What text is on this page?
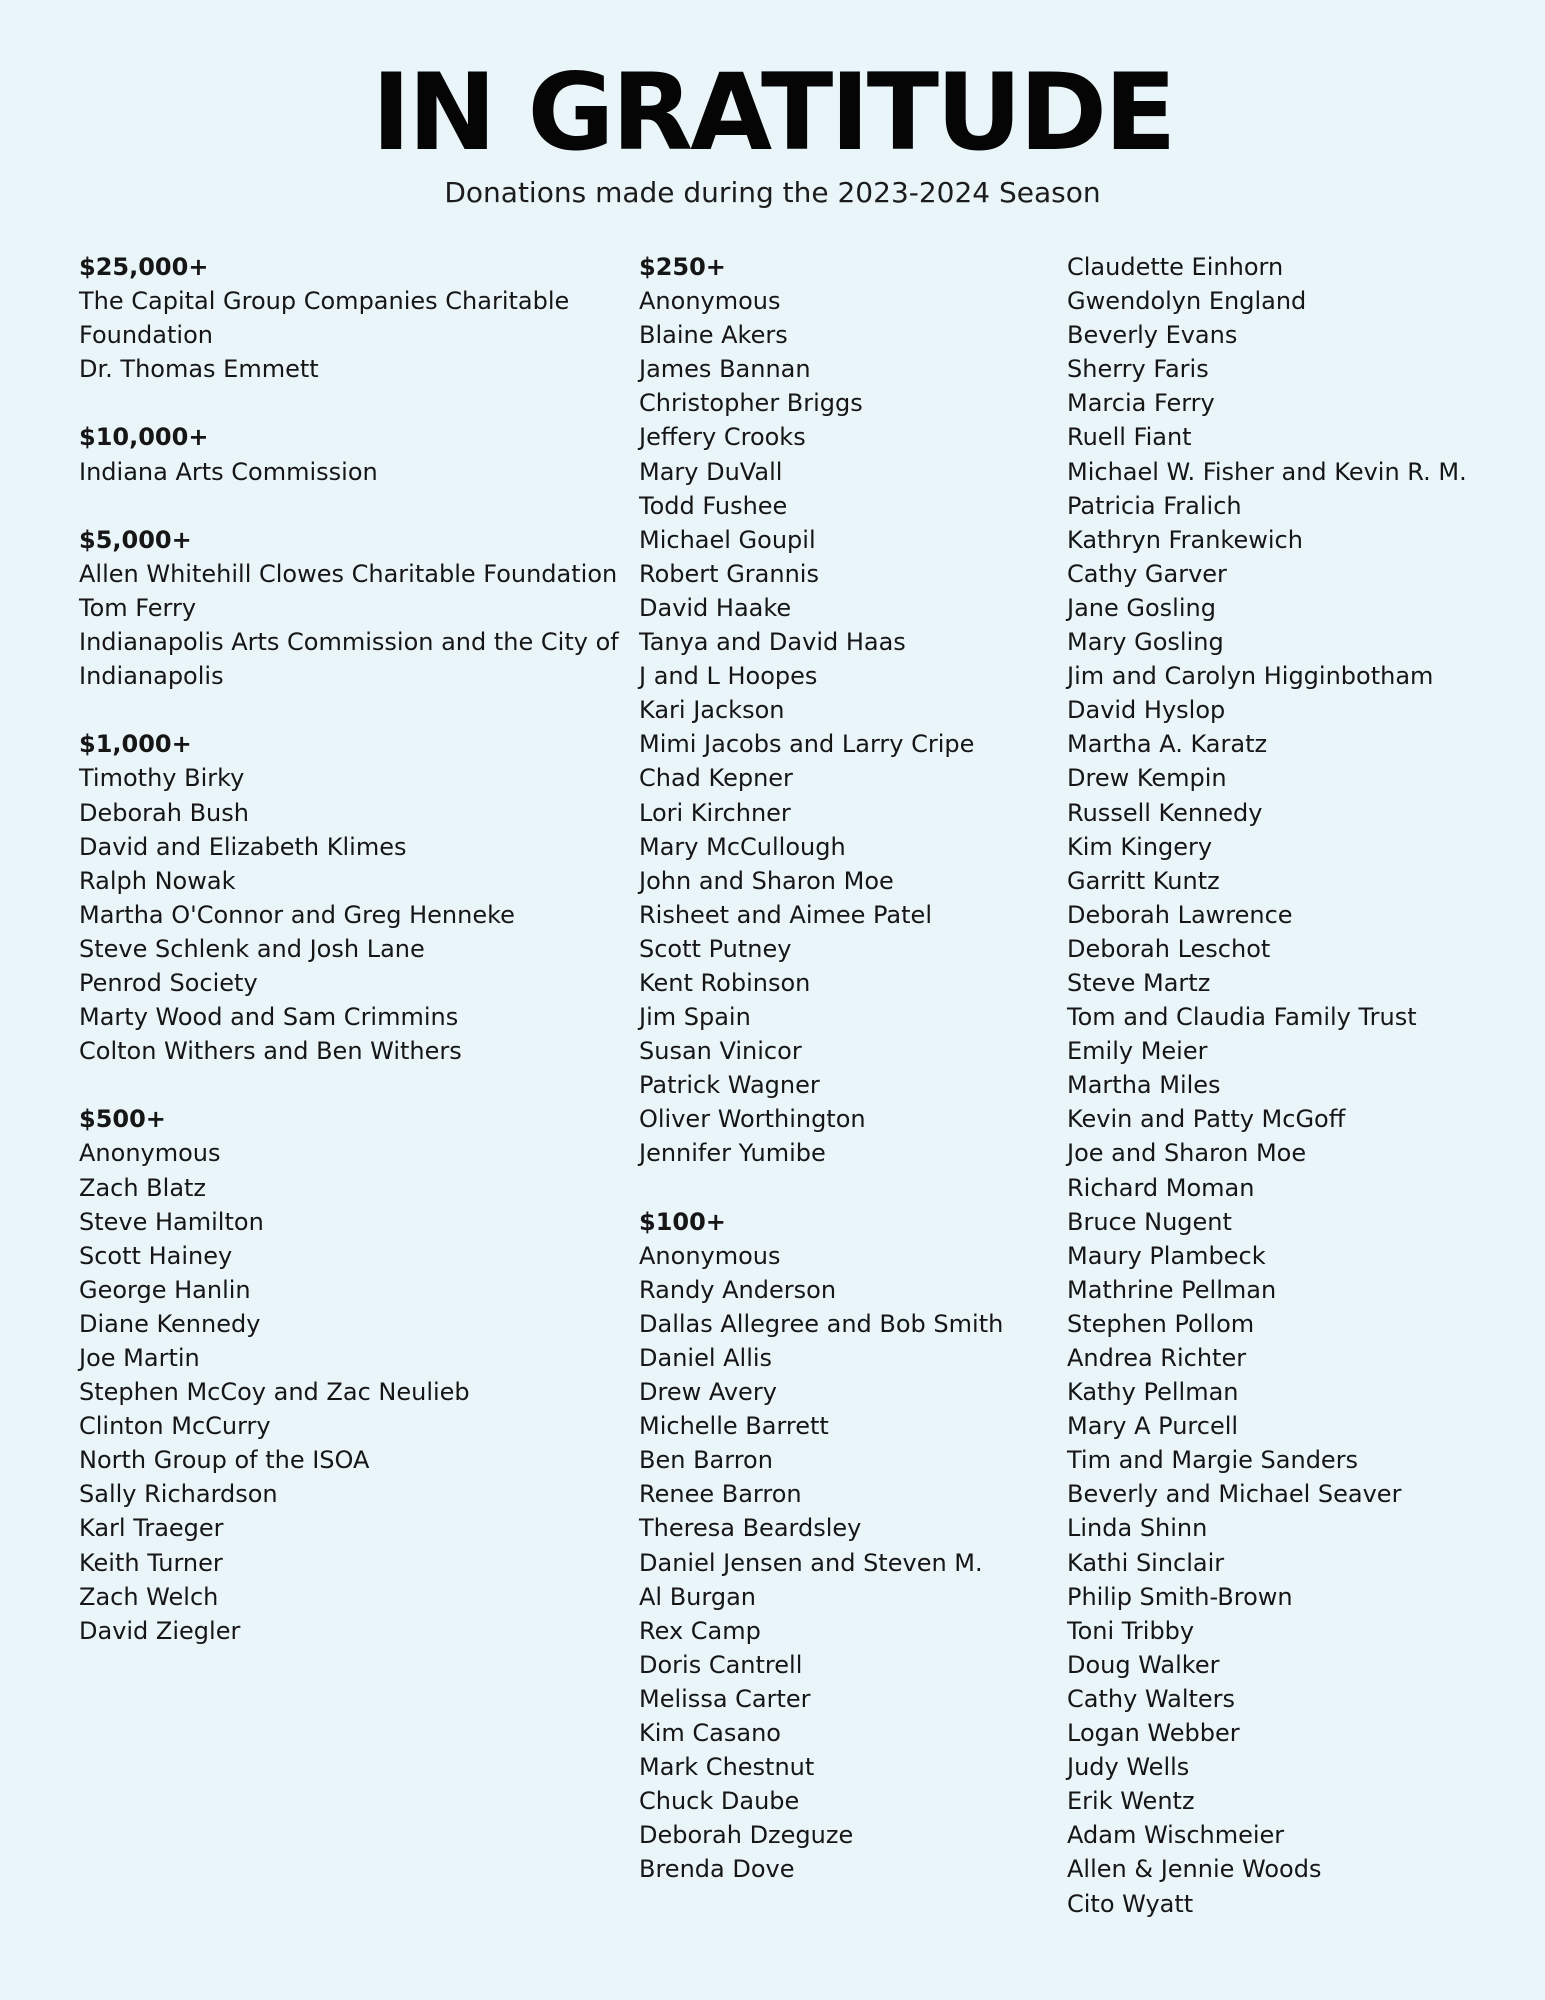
IN GRATITUDE
Donations made during the 2023-2024 Season
$25,000+
The Capital Group Companies Charitable Foundation
Dr. Thomas Emmett
$10,000+
Indiana Arts Commission
$5,000+
Allen Whitehill Clowes Charitable Foundation
Tom Ferry
Indianapolis Arts Commission and the City of Indianapolis
$1,000+
Timothy Birky
Deborah Bush
David and Elizabeth Klimes
Ralph Nowak
Martha O'Connor and Greg Henneke
Steve Schlenk and Josh Lane
Penrod Society
Marty Wood and Sam Crimmins
Colton Withers and Ben Withers
$500+
Anonymous
Zach Blatz
Steve Hamilton
Scott Hainey
George Hanlin
Diane Kennedy
Joe Martin
Stephen McCoy and Zac Neulieb
Clinton McCurry
North Group of the ISOA
Sally Richardson
Karl Traeger
Keith Turner
Zach Welch
David Ziegler
$250+
Anonymous
Blaine Akers
James Bannan
Christopher Briggs
Jeffery Crooks
Mary DuVall
Todd Fushee
Michael Goupil
Robert Grannis
David Haake
Tanya and David Haas
J and L Hoopes
Kari Jackson
Mimi Jacobs and Larry Cripe
Chad Kepner
Lori Kirchner
Mary McCullough
John and Sharon Moe
Risheet and Aimee Patel
Scott Putney
Kent Robinson
Jim Spain
Susan Vinicor
Patrick Wagner
Oliver Worthington
Jennifer Yumibe
$100+
Anonymous
Randy Anderson
Dallas Allegree and Bob Smith
Daniel Allis
Drew Avery
Michelle Barrett
Ben Barron
Renee Barron
Theresa Beardsley
Daniel Jensen and Steven M.
Al Burgan
Rex Camp
Doris Cantrell
Melissa Carter
Kim Casano
Mark Chestnut
Chuck Daube
Deborah Dzeguze
Brenda Dove
Claudette Einhorn
Gwendolyn England
Beverly Evans
Sherry Faris
Marcia Ferry
Ruell Fiant
Michael W. Fisher and Kevin R. M.
Patricia Fralich
Kathryn Frankewich
Cathy Garver
Jane Gosling
Mary Gosling
Jim and Carolyn Higginbotham
David Hyslop
Martha A. Karatz
Drew Kempin
Russell Kennedy
Kim Kingery
Garritt Kuntz
Deborah Lawrence
Deborah Leschot
Steve Martz
Tom and Claudia Family Trust
Emily Meier
Martha Miles
Kevin and Patty McGoff
Joe and Sharon Moe
Richard Moman
Bruce Nugent
Maury Plambeck
Mathrine Pellman
Stephen Pollom
Andrea Richter
Kathy Pellman
Mary A Purcell
Tim and Margie Sanders
Beverly and Michael Seaver
Linda Shinn
Kathi Sinclair
Philip Smith-Brown
Toni Tribby
Doug Walker
Cathy Walters
Logan Webber
Judy Wells
Erik Wentz
Adam Wischmeier
Allen & Jennie Woods
Cito Wyatt
